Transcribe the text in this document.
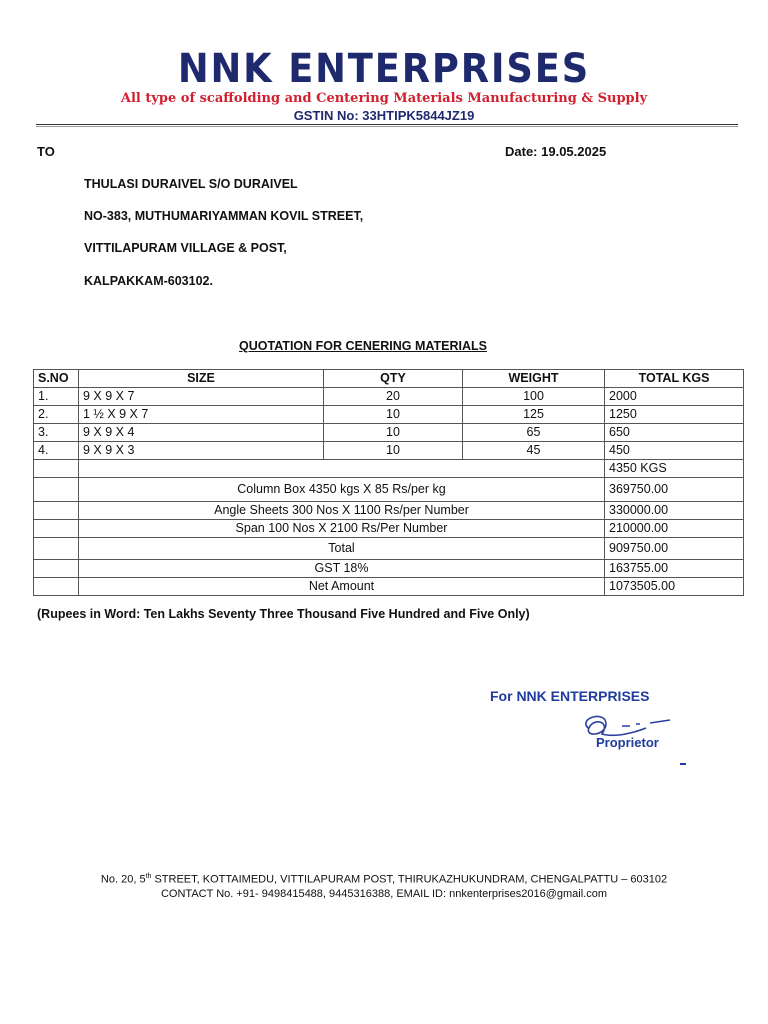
NNK ENTERPRISES
All type of scaffolding and Centering Materials Manufacturing & Supply
GSTIN No: 33HTIPK5844JZ19
TO	Date: 19.05.2025
THULASI DURAIVEL S/O DURAIVEL
NO-383, MUTHUMARIYAMMAN KOVIL STREET,
VITTILAPURAM VILLAGE & POST,
KALPAKKAM-603102.
QUOTATION FOR CENERING MATERIALS
S.NO	SIZE	QTY	WEIGHT	TOTAL KGS
1.	9 X 9 X 7	20	100	2000
2.	1 ½ X 9 X 7	10	125	1250
3.	9 X 9 X 4	10	65	650
4.	9 X 9 X 3	10	45	450
				4350 KGS
	Column Box 4350 kgs X 85 Rs/per kg			369750.00
	Angle Sheets 300 Nos X 1100 Rs/per Number			330000.00
	Span 100 Nos X 2100 Rs/Per Number			210000.00
	Total			909750.00
	GST 18%			163755.00
	Net Amount			1073505.00
(Rupees in Word: Ten Lakhs Seventy Three Thousand Five Hundred and Five Only)
For NNK ENTERPRISES
Proprietor
No. 20, 5th STREET, KOTTAIMEDU, VITTILAPURAM POST, THIRUKAZHUKUNDRAM, CHENGALPATTU – 603102
CONTACT No. +91- 9498415488, 9445316388, EMAIL ID: nnkenterprises2016@gmail.com
